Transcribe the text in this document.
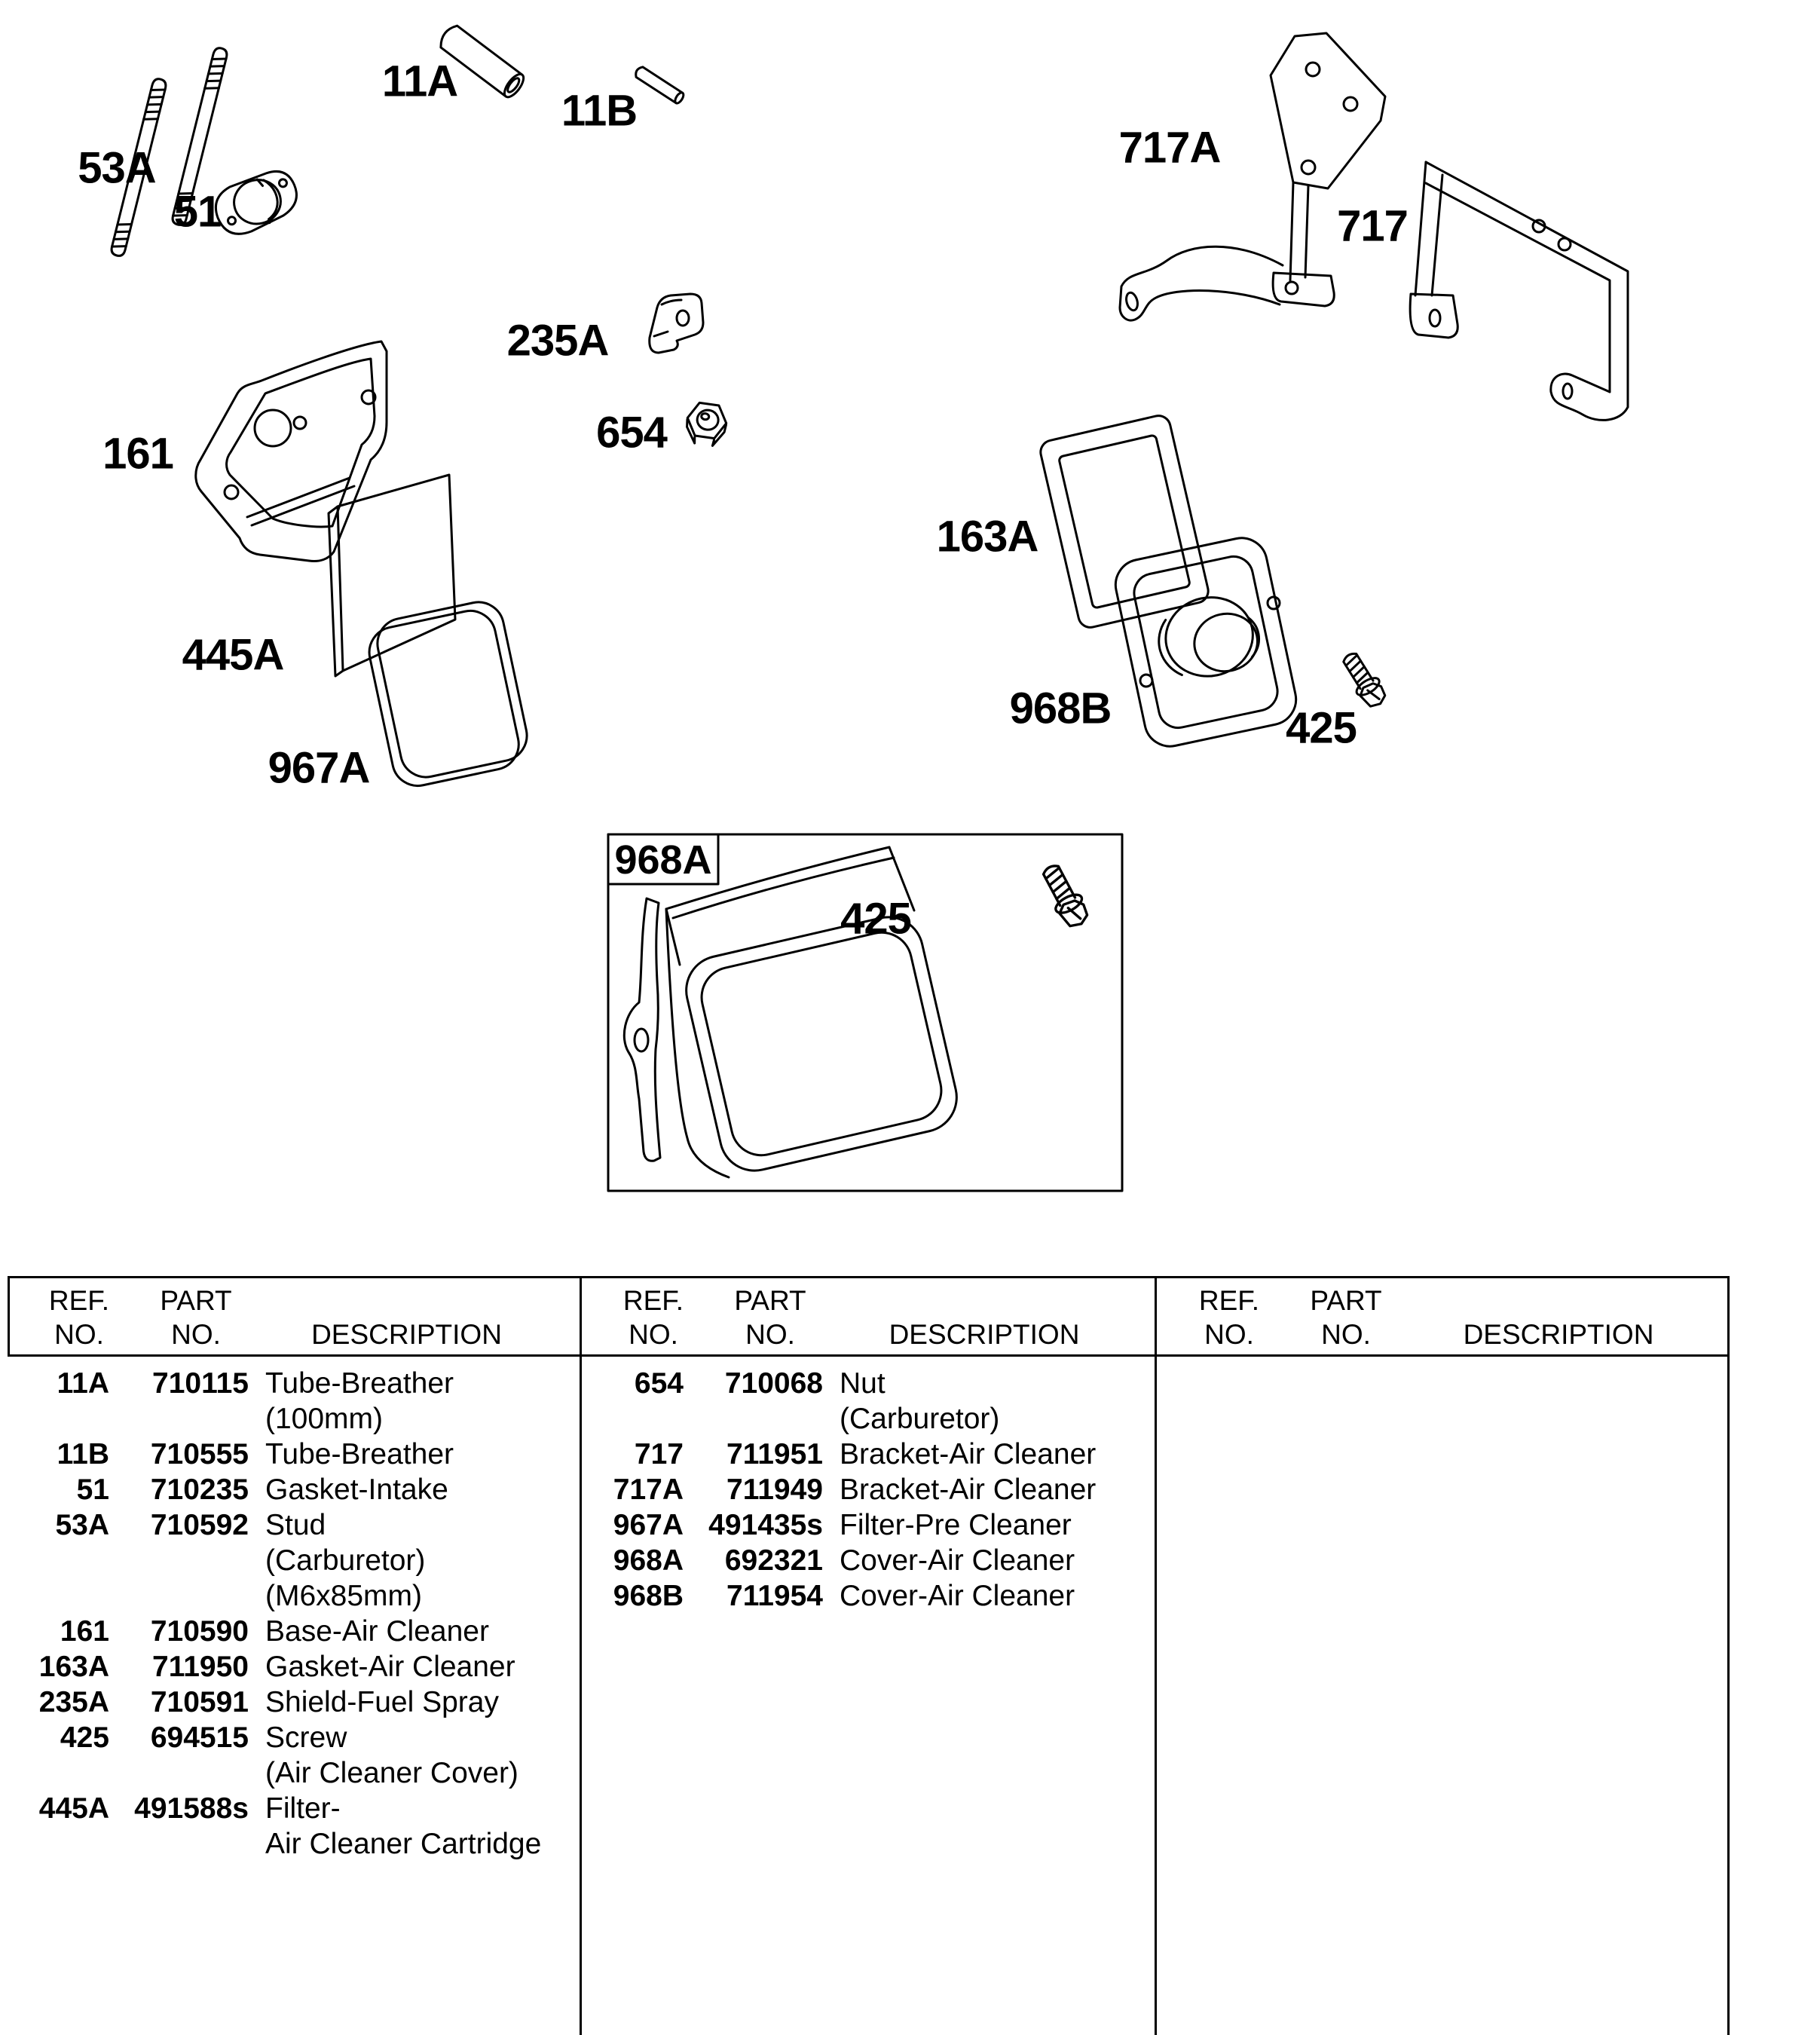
53A
11A
11B
51
235A
654
161
445A
967A
717A
717
163A
968B	425
968A
425
REF.
NO.
PART
NO.	DESCRIPTION
11A	710115 Tube-Breather
(100mm)
11B	710555 Tube-Breather
51	710235 Gasket-Intake
53A	710592 Stud
(Carburetor)
(M6x85mm)
161	710590 Base-Air Cleaner
163A	711950 Gasket-Air Cleaner
235A	710591 Shield-Fuel Spray
425	694515 Screw
(Air Cleaner Cover)
445A 491588s Filter-
Air Cleaner Cartridge
REF.
NO.
PART
NO.	DESCRIPTION
654	710068 Nut
(Carburetor)
717	711951 Bracket-Air Cleaner
717A	711949 Bracket-Air Cleaner
967A 491435s Filter-Pre Cleaner
968A	692321 Cover-Air Cleaner
968B	711954 Cover-Air Cleaner
REF.
NO.
PART
NO.	DESCRIPTION
